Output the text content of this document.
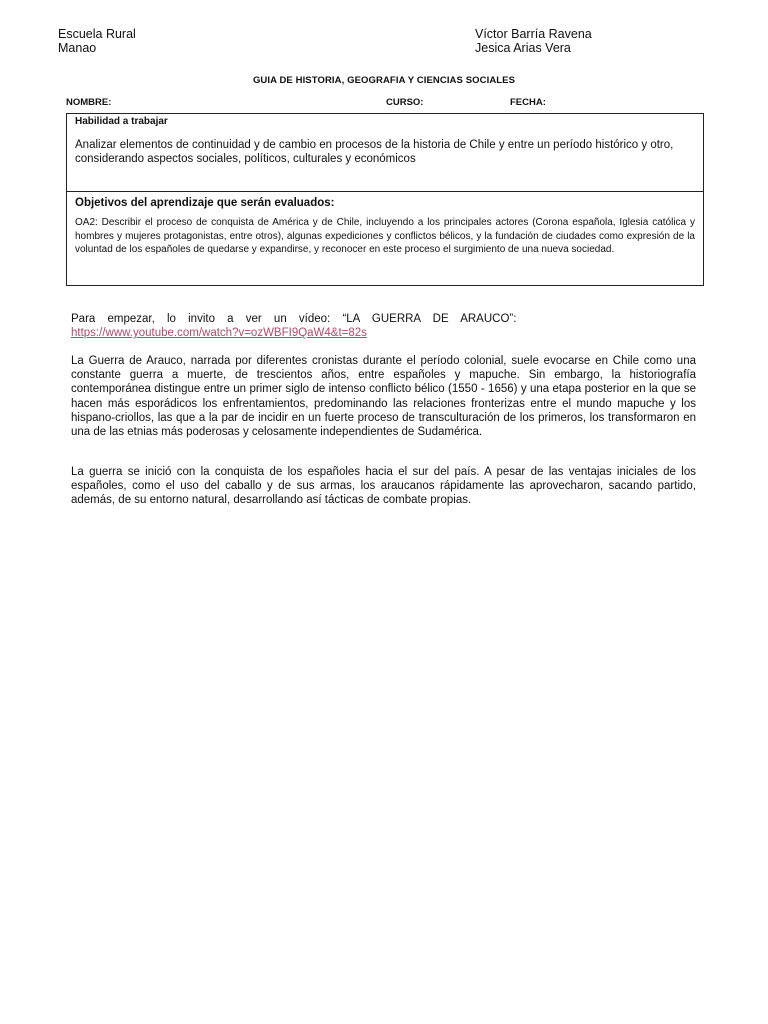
Escuela Rural
Manao
Víctor Barría Ravena
Jesica Arias Vera
GUIA DE HISTORIA, GEOGRAFIA Y CIENCIAS SOCIALES
NOMBRE:	CURSO:	FECHA:
Habilidad a trabajar
Analizar elementos de continuidad y de cambio en procesos de la historia de Chile y entre un período histórico y otro, considerando aspectos sociales, políticos, culturales y económicos
Objetivos del aprendizaje que serán evaluados:
OA2: Describir el proceso de conquista de América y de Chile, incluyendo a los principales actores (Corona española, Iglesia católica y hombres y mujeres protagonistas, entre otros), algunas expediciones y conflictos bélicos, y la fundación de ciudades como expresión de la voluntad de los españoles de quedarse y expandirse, y reconocer en este proceso el surgimiento de una nueva sociedad.
Para empezar, lo invito a ver un vídeo: “LA GUERRA DE ARAUCO”:
https://www.youtube.com/watch?v=ozWBFI9QaW4&t=82s
La Guerra de Arauco, narrada por diferentes cronistas durante el período colonial, suele evocarse en Chile como una constante guerra a muerte, de trescientos años, entre españoles y mapuche. Sin embargo, la historiografía contemporánea distingue entre un primer siglo de intenso conflicto bélico (1550 - 1656) y una etapa posterior en la que se hacen más esporádicos los enfrentamientos, predominando las relaciones fronterizas entre el mundo mapuche y los hispano-criollos, las que a la par de incidir en un fuerte proceso de transculturación de los primeros, los transformaron en una de las etnias más poderosas y celosamente independientes de Sudamérica.
La guerra se inició con la conquista de los españoles hacia el sur del país. A pesar de las ventajas iniciales de los españoles, como el uso del caballo y de sus armas, los araucanos rápidamente las aprovecharon, sacando partido, además, de su entorno natural, desarrollando así tácticas de combate propias.
